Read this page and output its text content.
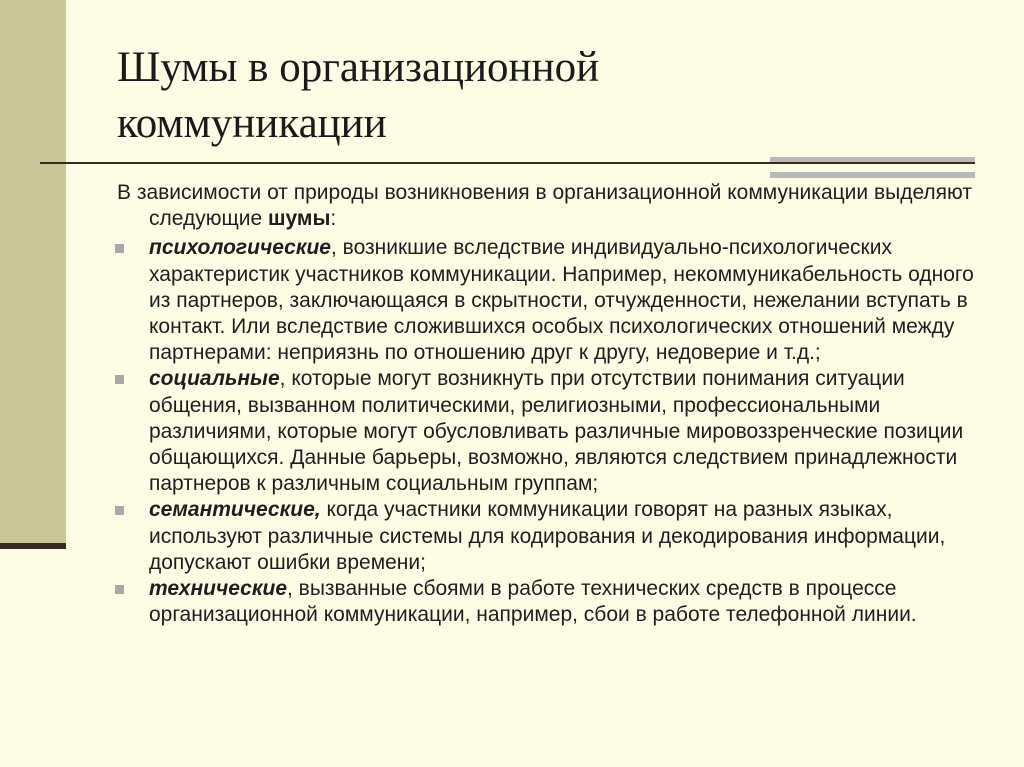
Шумы в организационной
коммуникации

В зависимости от природы возникновения в организационной коммуникации выделяют следующие шумы:

психологические, возникшие вследствие индивидуально-психологических характеристик участников коммуникации. Например, некоммуникабельность одного из партнеров, заключающаяся в скрытности, отчужденности, нежелании вступать в контакт. Или вследствие сложившихся особых психологических отношений между партнерами: неприязнь по отношению друг к другу, недоверие и т.д.;

социальные, которые могут возникнуть при отсутствии понимания ситуации общения, вызванном политическими, религиозными, профессиональными различиями, которые могут обусловливать различные мировоззренческие позиции общающихся. Данные барьеры, возможно, являются следствием принадлежности партнеров к различным социальным группам;

семантические, когда участники коммуникации говорят на разных языках, используют различные системы для кодирования и декодирования информации, допускают ошибки времени;

технические, вызванные сбоями в работе технических средств в процессе организационной коммуникации, например, сбои в работе телефонной линии.
